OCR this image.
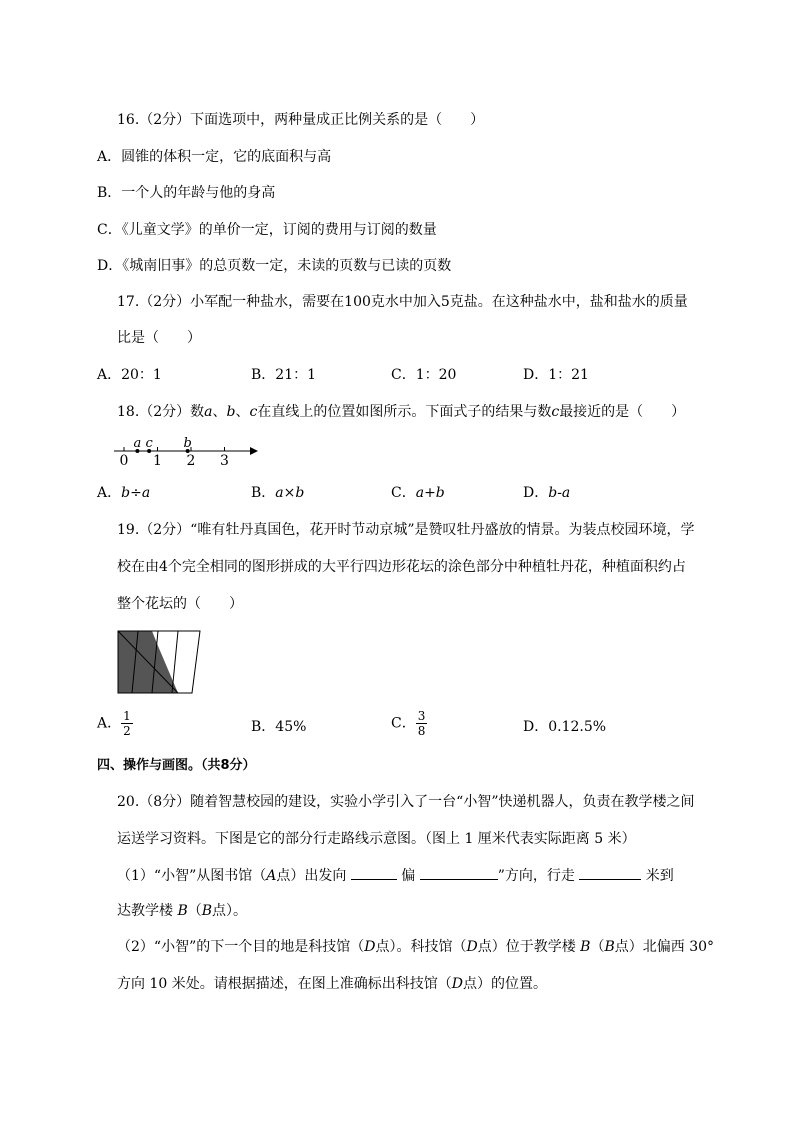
16.（2分）下面选项中，两种量成正比例关系的是（　　）
A．圆锥的体积一定，它的底面积与高
B．一个人的年龄与他的身高
C．《儿童文学》的单价一定，订阅的费用与订阅的数量
D．《城南旧事》的总页数一定，未读的页数与已读的页数
17.（2分）小军配一种盐水，需要在100克水中加入5克盐。在这种盐水中，盐和盐水的质量
比是（　　）
A．20：1	B．21：1	C．1：20	D．1：21
18.（2分）数a、b、c在直线上的位置如图所示。下面式子的结果与数c最接近的是（　　）
0 1 2 3
a c b
A．b÷a	B．a×b	C．a+b	D．b-a
19.（2分）“唯有牡丹真国色，花开时节动京城”是赞叹牡丹盛放的情景。为装点校园环境，学
校在由4个完全相同的图形拼成的大平行四边形花坛的涂色部分中种植牡丹花，种植面积约占
整个花坛的（　　）
A． $\frac{1}{2}$	B．45%	C． $\frac{3}{8}$	D．0.12.5%
四、操作与画图。（共8分）
20.（8分）随着智慧校园的建设，实验小学引入了一台“小智”快递机器人，负责在教学楼之间
运送学习资料。下图是它的部分行走路线示意图。（图上 1 厘米代表实际距离 5 米）
（1）“小智”从图书馆（A点）出发向	偏	”方向，行走	米到
达教学楼 B（B点）。
（2）“小智”的下一个目的地是科技馆（D点）。科技馆（D点）位于教学楼 B（B点）北偏西 30°
方向 10 米处。请根据描述，在图上准确标出科技馆（D点）的位置。
